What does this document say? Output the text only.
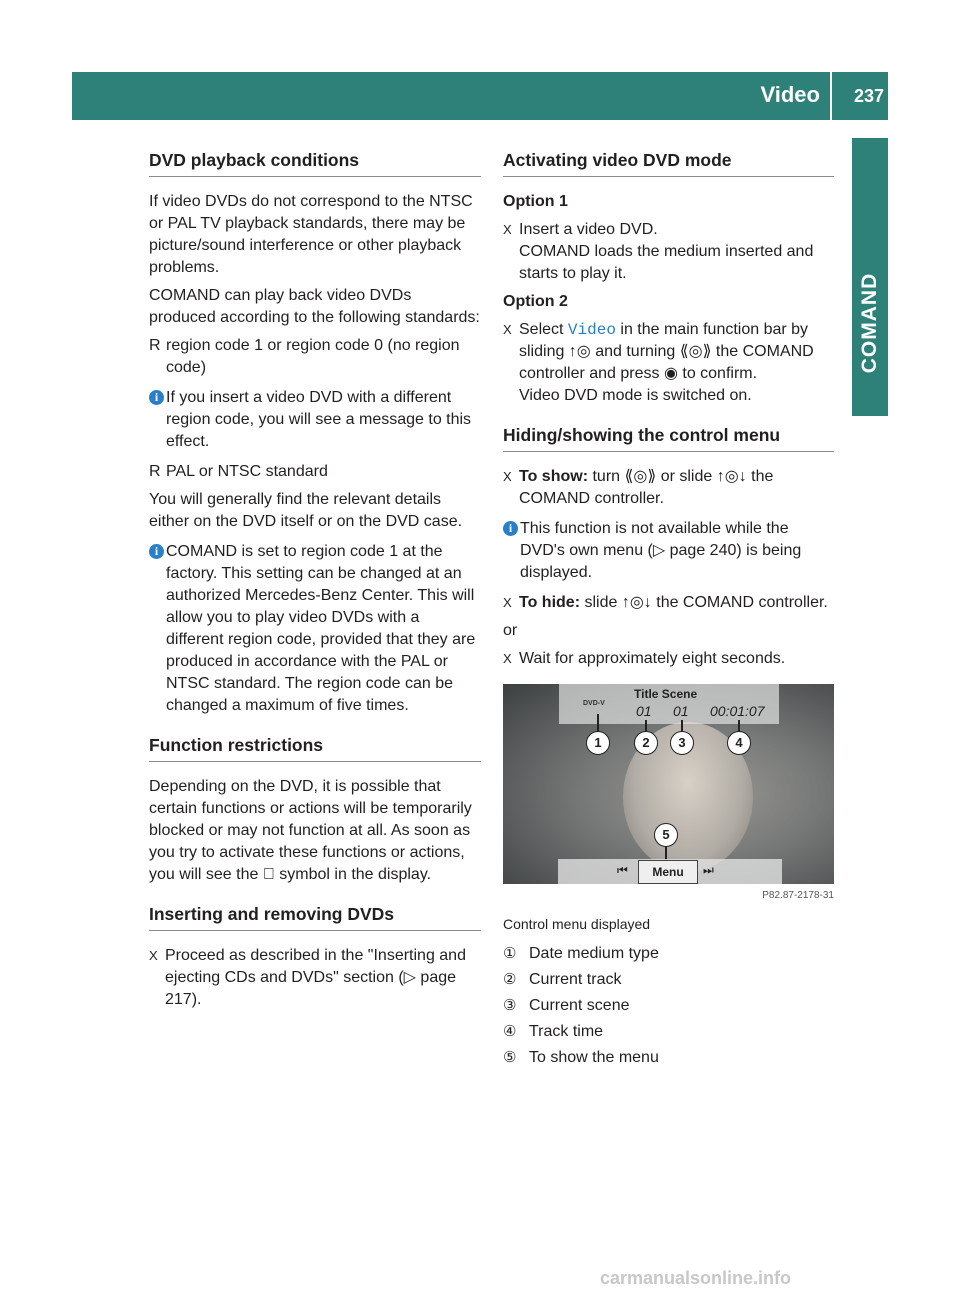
Video 237
COMAND
DVD playback conditions

If video DVDs do not correspond to the NTSC or PAL TV playback standards, there may be picture/sound interference or other playback problems.

COMAND can play back video DVDs produced according to the following standards:

R region code 1 or region code 0 (no region code)
i If you insert a video DVD with a different region code, you will see a message to this effect.
R PAL or NTSC standard

You will generally find the relevant details either on the DVD itself or on the DVD case.

i COMAND is set to region code 1 at the factory. This setting can be changed at an authorized Mercedes-Benz Center. This will allow you to play video DVDs with a different region code, provided that they are produced in accordance with the PAL or NTSC standard. The region code can be changed a maximum of five times.
Function restrictions

Depending on the DVD, it is possible that certain functions or actions will be temporarily blocked or may not function at all. As soon as you try to activate these functions or actions, you will see the symbol in the display.

Inserting and removing DVDs
X Proceed as described in the "Inserting and ejecting CDs and DVDs" section (▷ page 217).
Activating video DVD mode
Option 1
X Insert a video DVD.
COMAND loads the medium inserted and starts to play it.
Option 2
X Select Video in the main function bar by sliding ↑◎ and turning ⟪◎⟫ the COMAND controller and press ◉ to confirm.
Video DVD mode is switched on.
Hiding/showing the control menu
X To show: turn ⟪◎⟫ or slide ↑◎↓ the COMAND controller.
i This function is not available while the DVD's own menu (▷ page 240) is being displayed.
X To hide: slide ↑◎↓ the COMAND controller.

or

X Wait for approximately eight seconds.
DVD-V
Title Scene
01 01 00:01:07
1	2	3	4
5
⏮	Menu	⏭
P82.87-2178-31

Control menu displayed

① Date medium type
② Current track
③ Current scene
④ Track time
⑤ To show the menu
carmanualsonline.info
